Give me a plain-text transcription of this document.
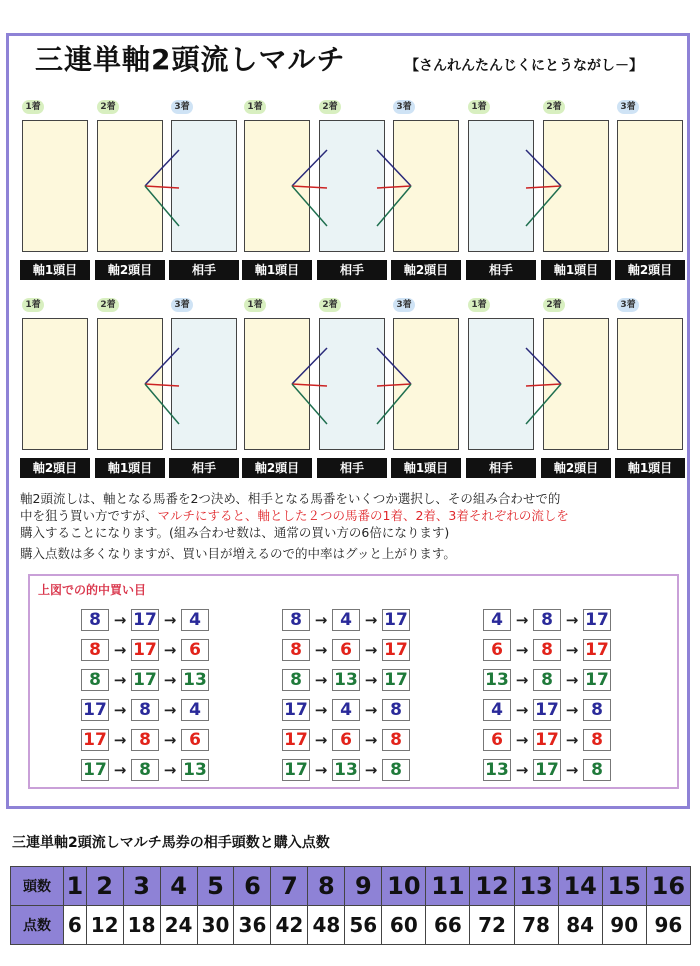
三連単軸2頭流しマルチ	【さんれんたんじくにとうながし－】
1着	2着	3着
軸1頭目	軸2頭目	相手
1着	2着	3着
軸1頭目	相手	軸2頭目
1着	2着	3着
相手	軸1頭目	軸2頭目
1着	2着	3着
軸2頭目	軸1頭目	相手
1着	2着	3着
軸2頭目	相手	軸1頭目
1着	2着	3着
相手	軸2頭目	軸1頭目
軸2頭流しは、軸となる馬番を2つ決め、相手となる馬番をいくつか選択し、その組み合わせで的
中を狙う買い方ですが、マルチにすると、軸とした２つの馬番の1着、2着、3着それぞれの流しを
購入することになります。(組み合わせ数は、通常の買い方の6倍になります)
購入点数は多くなりますが、買い目が増えるので的中率はグッと上がります。
上図での的中買い目
8 → 17 → 4
8 → 17 → 6
8 → 17 → 13
17 → 8 → 4
17 → 8 → 6
17 → 8 → 13
8 → 4 → 17
8 → 6 → 17
8 → 13 → 17
17 → 4 → 8
17 → 6 → 8
17 → 13 → 8
4 → 8 → 17
6 → 8 → 17
13 → 8 → 17
4 → 17 → 8
6 → 17 → 8
13 → 17 → 8
三連単軸2頭流しマルチ馬券の相手頭数と購入点数
頭数	1	2	3	4	5	6	7	8	9	10	11	12	13	14	15	16
点数	6	12	18	24	30	36	42	48	56	60	66	72	78	84	90	96
